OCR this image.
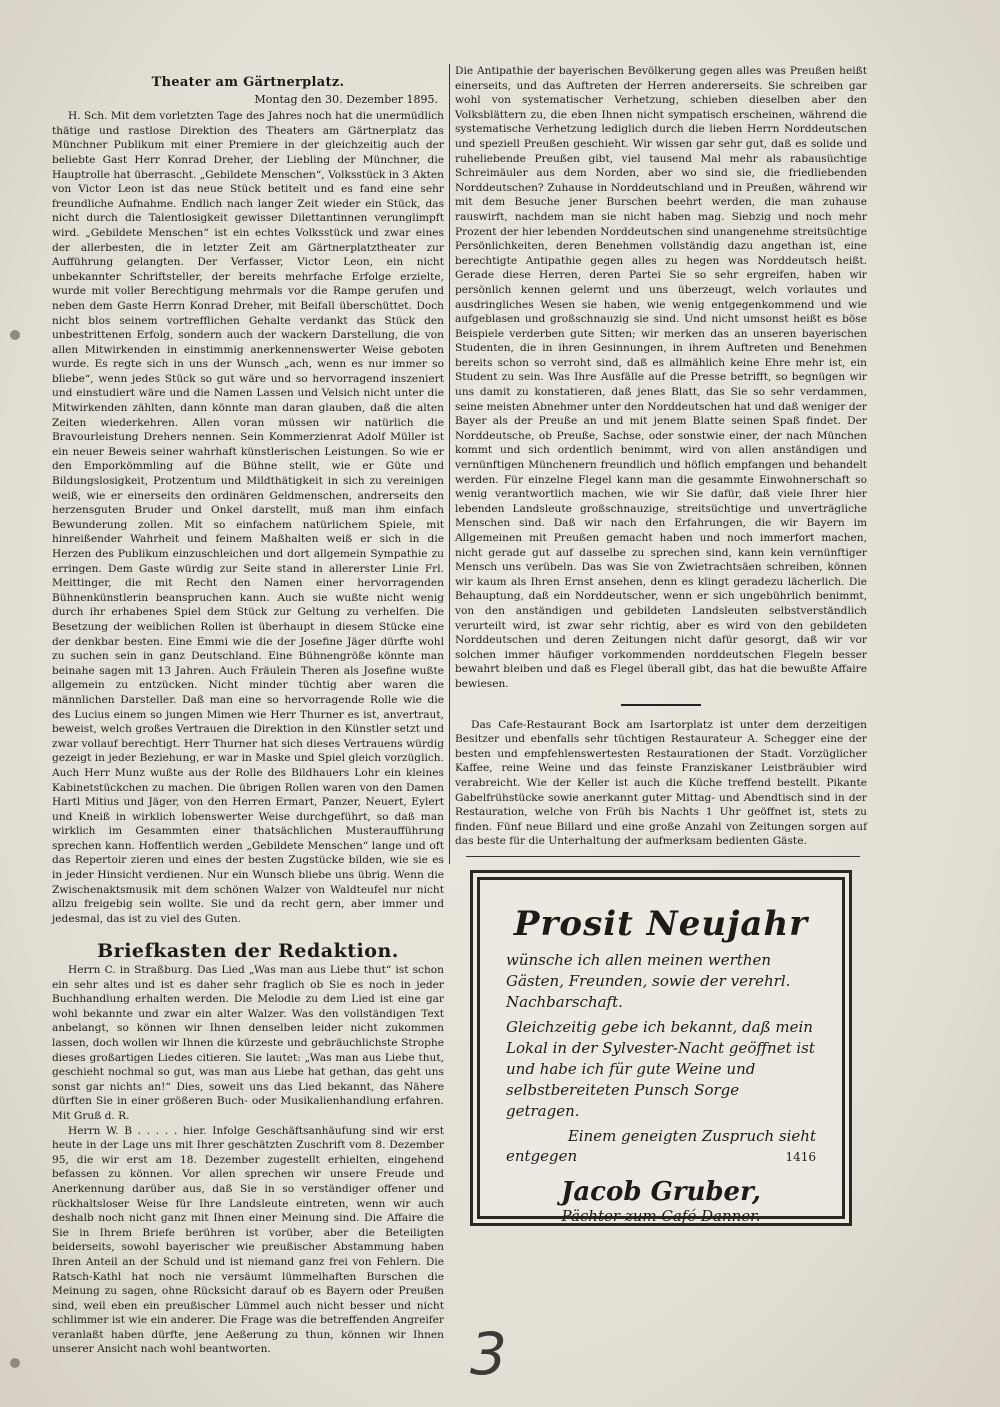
Theater am Gärtnerplatz.
Montag den 30. Dezember 1895.

H. Sch. Mit dem vorletzten Tage des Jahres noch hat die unermüdlich thätige und rastlose Direktion des Theaters am Gärtnerplatz das Münchner Publikum mit einer Premiere in der gleichzeitig auch der beliebte Gast Herr Konrad Dreher, der Liebling der Münchner, die Hauptrolle hat überrascht. „Gebildete Menschen“, Volksstück in 3 Akten von Victor Leon ist das neue Stück betitelt und es fand eine sehr freundliche Aufnahme. Endlich nach langer Zeit wieder ein Stück, das nicht durch die Talentlosigkeit gewisser Dilettantinnen verunglimpft wird. „Gebildete Menschen“ ist ein echtes Volksstück und zwar eines der allerbesten, die in letzter Zeit am Gärtnerplatztheater zur Aufführung gelangten. Der Verfasser, Victor Leon, ein nicht unbekannter Schriftsteller, der bereits mehrfache Erfolge erzielte, wurde mit voller Berechtigung mehrmals vor die Rampe gerufen und neben dem Gaste Herrn Konrad Dreher, mit Beifall überschüttet. Doch nicht blos seinem vortrefflichen Gehalte verdankt das Stück den unbestrittenen Erfolg, sondern auch der wackern Darstellung, die von allen Mitwirkenden in einstimmig anerkennenswerter Weise geboten wurde. Es regte sich in uns der Wunsch „ach, wenn es nur immer so bliebe“, wenn jedes Stück so gut wäre und so hervorragend inszeniert und einstudiert wäre und die Namen Lassen und Velsich nicht unter die Mitwirkenden zählten, dann könnte man daran glauben, daß die alten Zeiten wiederkehren. Allen voran müssen wir natürlich die Bravourleistung Drehers nennen. Sein Kommerzienrat Adolf Müller ist ein neuer Beweis seiner wahrhaft künstlerischen Leistungen. So wie er den Emporkömmling auf die Bühne stellt, wie er Güte und Bildungslosigkeit, Protzentum und Mildthätigkeit in sich zu vereinigen weiß, wie er einerseits den ordinären Geldmenschen, andrerseits den herzensguten Bruder und Onkel darstellt, muß man ihm einfach Bewunderung zollen. Mit so einfachem natürlichem Spiele, mit hinreißender Wahrheit und feinem Maßhalten weiß er sich in die Herzen des Publikum einzuschleichen und dort allgemein Sympathie zu erringen. Dem Gaste würdig zur Seite stand in allererster Linie Frl. Meittinger, die mit Recht den Namen einer hervorragenden Bühnenkünstlerin beanspruchen kann. Auch sie wußte nicht wenig durch ihr erhabenes Spiel dem Stück zur Geltung zu verhelfen. Die Besetzung der weiblichen Rollen ist überhaupt in diesem Stücke eine der denkbar besten. Eine Emmi wie die der Josefine Jäger dürfte wohl zu suchen sein in ganz Deutschland. Eine Bühnengröße könnte man beinahe sagen mit 13 Jahren. Auch Fräulein Theren als Josefine wußte allgemein zu entzücken. Nicht minder tüchtig aber waren die männlichen Darsteller. Daß man eine so hervorragende Rolle wie die des Lucius einem so jungen Mimen wie Herr Thurner es ist, anvertraut, beweist, welch großes Vertrauen die Direktion in den Künstler setzt und zwar vollauf berechtigt. Herr Thurner hat sich dieses Vertrauens würdig gezeigt in jeder Beziehung, er war in Maske und Spiel gleich vorzüglich. Auch Herr Munz wußte aus der Rolle des Bildhauers Lohr ein kleines Kabinetstückchen zu machen. Die übrigen Rollen waren von den Damen Hartl Mitius und Jäger, von den Herren Ermart, Panzer, Neuert, Eylert und Kneiß in wirklich lobenswerter Weise durchgeführt, so daß man wirklich im Gesammten einer thatsächlichen Musteraufführung sprechen kann. Hoffentlich werden „Gebildete Menschen“ lange und oft das Repertoir zieren und eines der besten Zugstücke bilden, wie sie es in jeder Hinsicht verdienen. Nur ein Wunsch bliebe uns übrig. Wenn die Zwischenaktsmusik mit dem schönen Walzer von Waldteufel nur nicht allzu freigebig sein wollte. Sie und da recht gern, aber immer und jedesmal, das ist zu viel des Guten.

Briefkasten der Redaktion.

Herrn C. in Straßburg. Das Lied „Was man aus Liebe thut“ ist schon ein sehr altes und ist es daher sehr fraglich ob Sie es noch in jeder Buchhandlung erhalten werden. Die Melodie zu dem Lied ist eine gar wohl bekannte und zwar ein alter Walzer. Was den vollständigen Text anbelangt, so können wir Ihnen denselben leider nicht zukommen lassen, doch wollen wir Ihnen die kürzeste und gebräuchlichste Strophe dieses großartigen Liedes citieren. Sie lautet: „Was man aus Liebe thut, geschieht nochmal so gut, was man aus Liebe hat gethan, das geht uns sonst gar nichts an!“ Dies, soweit uns das Lied bekannt, das Nähere dürften Sie in einer größeren Buch- oder Musikalienhandlung erfahren. Mit Gruß d. R.

Herrn W. B . . . . . hier. Infolge Geschäftsanhäufung sind wir erst heute in der Lage uns mit Ihrer geschätzten Zuschrift vom 8. Dezember 95, die wir erst am 18. Dezember zugestellt erhielten, eingehend befassen zu können. Vor allen sprechen wir unsere Freude und Anerkennung darüber aus, daß Sie in so verständiger offener und rückhaltsloser Weise für Ihre Landsleute eintreten, wenn wir auch deshalb noch nicht ganz mit Ihnen einer Meinung sind. Die Affaire die Sie in Ihrem Briefe berühren ist vorüber, aber die Beteiligten beiderseits, sowohl bayerischer wie preußischer Abstammung haben Ihren Anteil an der Schuld und ist niemand ganz frei von Fehlern. Die Ratsch-Kathl hat noch nie versäumt lümmelhaften Burschen die Meinung zu sagen, ohne Rücksicht darauf ob es Bayern oder Preußen sind, weil eben ein preußischer Lümmel auch nicht besser und nicht schlimmer ist wie ein anderer. Die Frage was die betreffenden Angreifer veranlaßt haben dürfte, jene Aeßerung zu thun, können wir Ihnen unserer Ansicht nach wohl beantworten.

Die Antipathie der bayerischen Bevölkerung gegen alles was Preußen heißt einerseits, und das Auftreten der Herren andererseits. Sie schreiben gar wohl von systematischer Verhetzung, schieben dieselben aber den Volksblättern zu, die eben Ihnen nicht sympatisch erscheinen, während die systematische Verhetzung lediglich durch die lieben Herrn Norddeutschen und speziell Preußen geschieht. Wir wissen gar sehr gut, daß es solide und ruheliebende Preußen gibt, viel tausend Mal mehr als rabausüchtige Schreimäuler aus dem Norden, aber wo sind sie, die friedliebenden Norddeutschen? Zuhause in Norddeutschland und in Preußen, während wir mit dem Besuche jener Burschen beehrt werden, die man zuhause rauswirft, nachdem man sie nicht haben mag. Siebzig und noch mehr Prozent der hier lebenden Norddeutschen sind unangenehme streitsüchtige Persönlichkeiten, deren Benehmen vollständig dazu angethan ist, eine berechtigte Antipathie gegen alles zu hegen was Norddeutsch heißt. Gerade diese Herren, deren Partei Sie so sehr ergreifen, haben wir persönlich kennen gelernt und uns überzeugt, welch vorlautes und ausdringliches Wesen sie haben, wie wenig entgegenkommend und wie aufgeblasen und großschnauzig sie sind. Und nicht umsonst heißt es böse Beispiele verderben gute Sitten; wir merken das an unseren bayerischen Studenten, die in ihren Gesinnungen, in ihrem Auftreten und Benehmen bereits schon so verroht sind, daß es allmählich keine Ehre mehr ist, ein Student zu sein. Was Ihre Ausfälle auf die Presse betrifft, so begnügen wir uns damit zu konstatieren, daß jenes Blatt, das Sie so sehr verdammen, seine meisten Abnehmer unter den Norddeutschen hat und daß weniger der Bayer als der Preuße an und mit jenem Blatte seinen Spaß findet. Der Norddeutsche, ob Preuße, Sachse, oder sonstwie einer, der nach München kommt und sich ordentlich benimmt, wird von allen anständigen und vernünftigen Münchenern freundlich und höflich empfangen und behandelt werden. Für einzelne Flegel kann man die gesammte Einwohnerschaft so wenig verantwortlich machen, wie wir Sie dafür, daß viele Ihrer hier lebenden Landsleute großschnauzige, streitsüchtige und unverträgliche Menschen sind. Daß wir nach den Erfahrungen, die wir Bayern im Allgemeinen mit Preußen gemacht haben und noch immerfort machen, nicht gerade gut auf dasselbe zu sprechen sind, kann kein vernünftiger Mensch uns verübeln. Das was Sie von Zwietrachtsäen schreiben, können wir kaum als Ihren Ernst ansehen, denn es klingt geradezu lächerlich. Die Behauptung, daß ein Norddeutscher, wenn er sich ungebührlich benimmt, von den anständigen und gebildeten Landsleuten selbstverständlich verurteilt wird, ist zwar sehr richtig, aber es wird von den gebildeten Norddeutschen und deren Zeitungen nicht dafür gesorgt, daß wir vor solchen immer häufiger vorkommenden norddeutschen Flegeln besser bewahrt bleiben und daß es Flegel überall gibt, das hat die bewußte Affaire bewiesen.

Das Cafe-Restaurant Bock am Isartorplatz ist unter dem derzeitigen Besitzer und ebenfalls sehr tüchtigen Restaurateur A. Schegger eine der besten und empfehlenswertesten Restaurationen der Stadt. Vorzüglicher Kaffee, reine Weine und das feinste Franziskaner Leistbräubier wird verabreicht. Wie der Keller ist auch die Küche treffend bestellt. Pikante Gabelfrühstücke sowie anerkannt guter Mittag- und Abendtisch sind in der Restauration, welche von Früh bis Nachts 1 Uhr geöffnet ist, stets zu finden. Fünf neue Billard und eine große Anzahl von Zeitungen sorgen auf das beste für die Unterhaltung der aufmerksam bedienten Gäste.

Prosit Neujahr

wünsche ich allen meinen werthen Gästen, Freunden, sowie der verehrl. Nachbarschaft.

Gleichzeitig gebe ich bekannt, daß mein Lokal in der Sylvester-Nacht geöffnet ist und habe ich für gute Weine und selbstbereiteten Punsch Sorge getragen.

Einem geneigten Zuspruch sieht

entgegen	1416
Jacob Gruber,
Pächter zum Café Danner.
3
